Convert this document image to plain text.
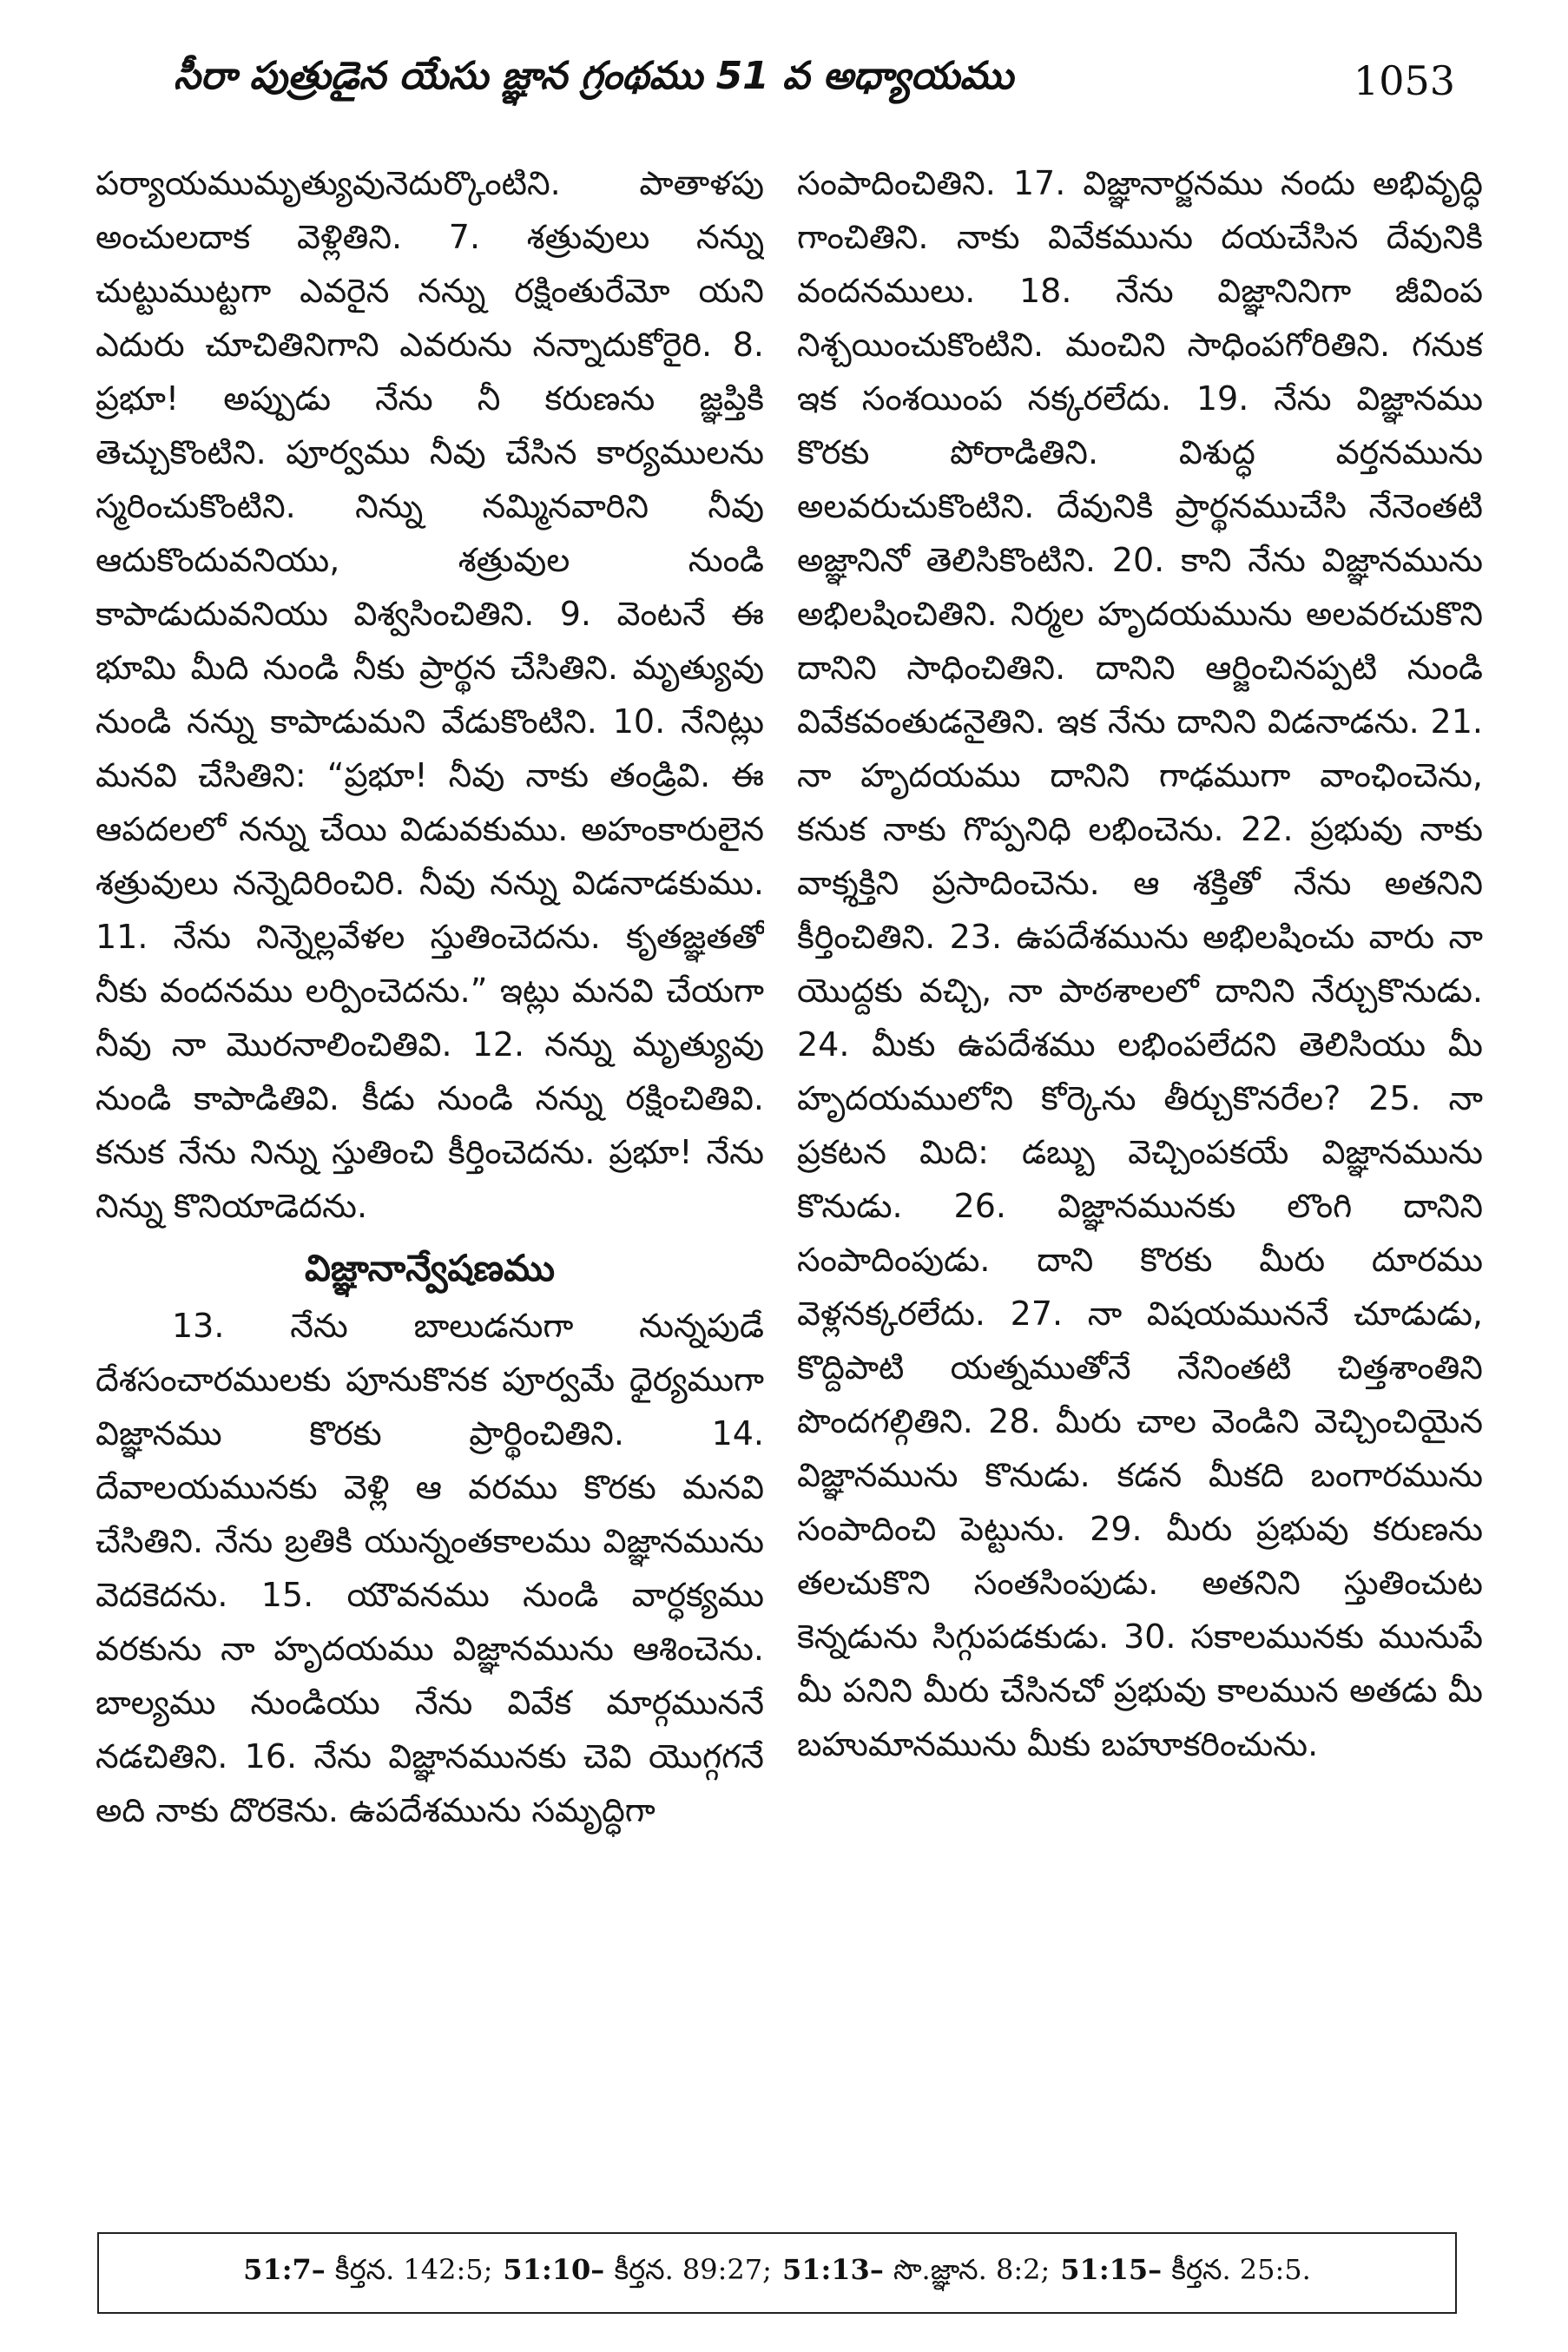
సీరా పుత్రుడైన యేసు జ్ఞాన గ్రంథము 51 వ అధ్యాయము	1053

పర్యాయముమృత్యువునెదుర్కొంటిని. పాతాళపు అంచులదాక వెళ్లితిని. 7. శత్రువులు నన్ను చుట్టుముట్టగా ఎవరైన నన్ను రక్షింతురేమో యని ఎదురు చూచితినిగాని ఎవరును నన్నాదుకోరైరి. 8. ప్రభూ! అప్పుడు నేను నీ కరుణను జ్ఞప్తికి తెచ్చుకొంటిని. పూర్వము నీవు చేసిన కార్యములను స్మరించుకొంటిని. నిన్ను నమ్మినవారిని నీవు ఆదుకొందువనియు, శత్రువుల నుండి కాపాడుదువనియు విశ్వసించితిని. 9. వెంటనే ఈ భూమి మీది నుండి నీకు ప్రార్థన చేసితిని. మృత్యువు నుండి నన్ను కాపాడుమని వేడుకొంటిని. 10. నేనిట్లు మనవి చేసితిని: “ప్రభూ! నీవు నాకు తండ్రివి. ఈ ఆపదలలో నన్ను చేయి విడువకుము. అహంకారులైన శత్రువులు నన్నెదిరించిరి. నీవు నన్ను విడనాడకుము. 11. నేను నిన్నెల్లవేళల స్తుతించెదను. కృతజ్ఞతతో నీకు వందనము లర్పించెదను.” ఇట్లు మనవి చేయగా నీవు నా మొరనాలించితివి. 12. నన్ను మృత్యువు నుండి కాపాడితివి. కీడు నుండి నన్ను రక్షించితివి. కనుక నేను నిన్ను స్తుతించి కీర్తించెదను. ప్రభూ! నేను నిన్ను కొనియాడెదను.

విజ్ఞానాన్వేషణము

13. నేను బాలుడనుగా నున్నపుడే దేశసంచారములకు పూనుకొనక పూర్వమే ధైర్యముగా విజ్ఞానము కొరకు ప్రార్థించితిని. 14. దేవాలయమునకు వెళ్లి ఆ వరము కొరకు మనవి చేసితిని. నేను బ్రతికి యున్నంతకాలము విజ్ఞానమును వెదకెదను. 15. యౌవనము నుండి వార్ధక్యము వరకును నా హృదయము విజ్ఞానమును ఆశించెను. బాల్యము నుండియు నేను వివేక మార్గముననే నడచితిని. 16. నేను విజ్ఞానమునకు చెవి యొగ్గగనే అది నాకు దొరకెను. ఉపదేశమును సమృద్ధిగా

సంపాదించితిని. 17. విజ్ఞానార్జనము నందు అభివృద్ధి గాంచితిని. నాకు వివేకమును దయచేసిన దేవునికి వందనములు. 18. నేను విజ్ఞానినిగా జీవింప నిశ్చయించుకొంటిని. మంచిని సాధింపగోరితిని. గనుక ఇక సంశయింప నక్కరలేదు. 19. నేను విజ్ఞానము కొరకు పోరాడితిని. విశుద్ధ వర్తనమును అలవరుచుకొంటిని. దేవునికి ప్రార్థనముచేసి నేనెంతటి అజ్ఞానినో తెలిసికొంటిని. 20. కాని నేను విజ్ఞానమును అభిలషించితిని. నిర్మల హృదయమును అలవరచుకొని దానిని సాధించితిని. దానిని ఆర్జించినప్పటి నుండి వివేకవంతుడనైతిని. ఇక నేను దానిని విడనాడను. 21. నా హృదయము దానిని గాఢముగా వాంఛించెను, కనుక నాకు గొప్పనిధి లభించెను. 22. ప్రభువు నాకు వాక్శక్తిని ప్రసాదించెను. ఆ శక్తితో నేను అతనిని కీర్తించితిని. 23. ఉపదేశమును అభిలషించు వారు నా యొద్దకు వచ్చి, నా పాఠశాలలో దానిని నేర్చుకొనుడు. 24. మీకు ఉపదేశము లభింపలేదని తెలిసియు మీ హృదయములోని కోర్కెను తీర్చుకొనరేల? 25. నా ప్రకటన మిది: డబ్బు వెచ్చింపకయే విజ్ఞానమును కొనుడు. 26. విజ్ఞానమునకు లొంగి దానిని సంపాదింపుడు. దాని కొరకు మీరు దూరము వెళ్లనక్కరలేదు. 27. నా విషయముననే చూడుడు, కొద్దిపాటి యత్నముతోనే నేనింతటి చిత్తశాంతిని పొందగల్గితిని. 28. మీరు చాల వెండిని వెచ్చించియైన విజ్ఞానమును కొనుడు. కడన మీకది బంగారమును సంపాదించి పెట్టును. 29. మీరు ప్రభువు కరుణను తలచుకొని సంతసింపుడు. అతనిని స్తుతించుట కెన్నడును సిగ్గుపడకుడు. 30. సకాలమునకు మునుపే మీ పనిని మీరు చేసినచో ప్రభువు కాలమున అతడు మీ బహుమానమును మీకు బహూకరించును.

51:7– కీర్తన. 142:5; 51:10– కీర్తన. 89:27; 51:13– సొ.జ్ఞాన. 8:2; 51:15– కీర్తన. 25:5.
